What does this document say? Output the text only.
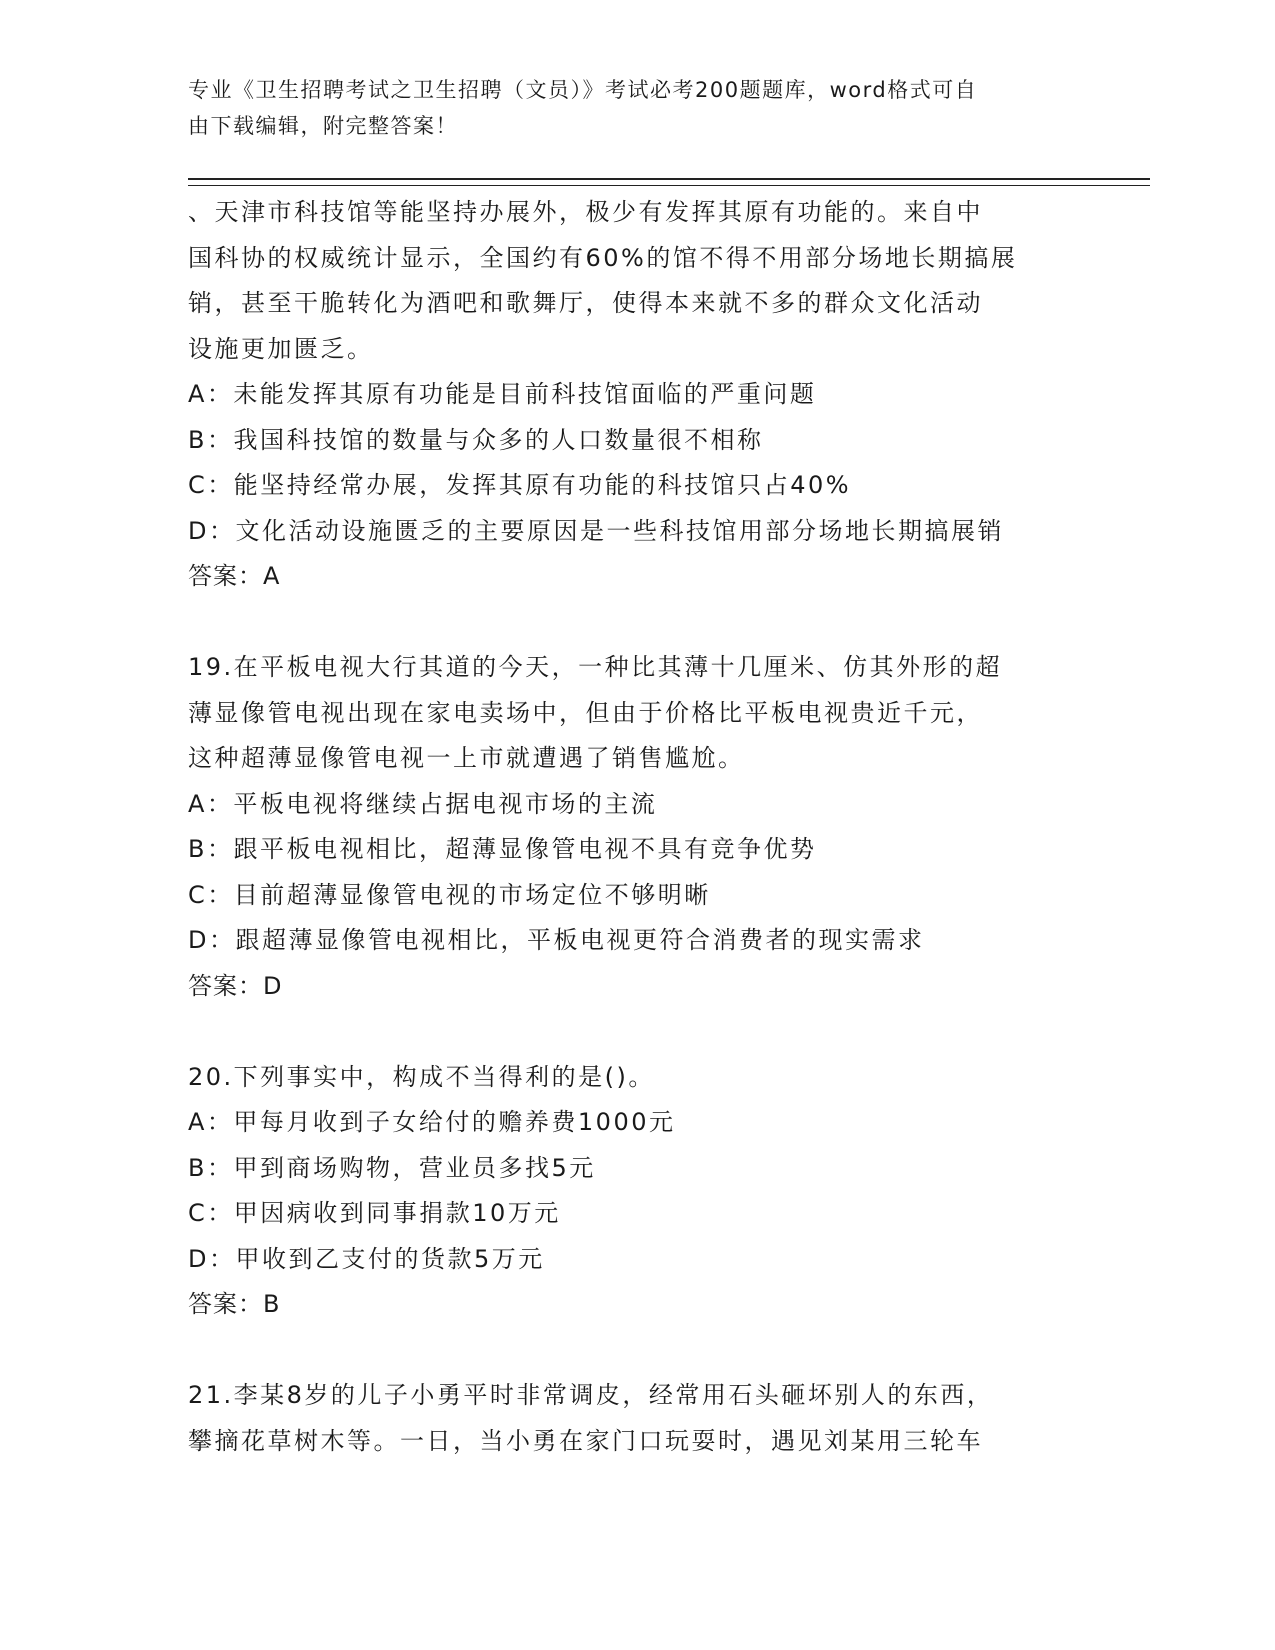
专业《卫生招聘考试之卫生招聘（文员）》考试必考200题题库，word格式可自
由下载编辑，附完整答案！

、天津市科技馆等能坚持办展外，极少有发挥其原有功能的。来自中

国科协的权威统计显示，全国约有60%的馆不得不用部分场地长期搞展

销，甚至干脆转化为酒吧和歌舞厅，使得本来就不多的群众文化活动

设施更加匮乏。

A：未能发挥其原有功能是目前科技馆面临的严重问题

B：我国科技馆的数量与众多的人口数量很不相称

C：能坚持经常办展，发挥其原有功能的科技馆只占40%

D：文化活动设施匮乏的主要原因是一些科技馆用部分场地长期搞展销

答案：A

19.在平板电视大行其道的今天，一种比其薄十几厘米、仿其外形的超

薄显像管电视出现在家电卖场中，但由于价格比平板电视贵近千元，

这种超薄显像管电视一上市就遭遇了销售尴尬。

A：平板电视将继续占据电视市场的主流

B：跟平板电视相比，超薄显像管电视不具有竞争优势

C：目前超薄显像管电视的市场定位不够明晰

D：跟超薄显像管电视相比，平板电视更符合消费者的现实需求

答案：D

20.下列事实中，构成不当得利的是()。

A：甲每月收到子女给付的赡养费1000元

B：甲到商场购物，营业员多找5元

C：甲因病收到同事捐款10万元

D：甲收到乙支付的货款5万元

答案：B

21.李某8岁的儿子小勇平时非常调皮，经常用石头砸坏别人的东西，

攀摘花草树木等。一日，当小勇在家门口玩耍时，遇见刘某用三轮车
